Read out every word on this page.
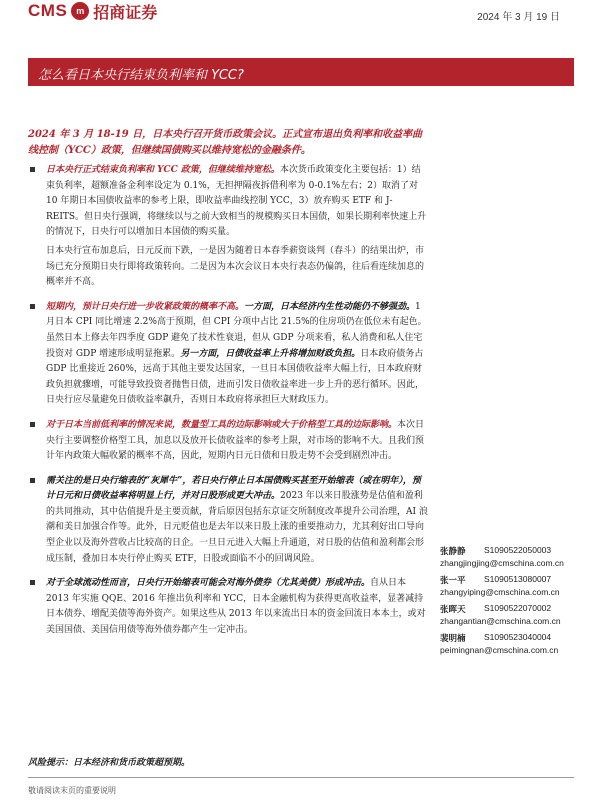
CMS m 招商证券	2024 年 3 月 19 日
怎么看日本央行结束负利率和 YCC?
2024 年 3 月 18-19 日，日本央行召开货币政策会议。正式宣布退出负利率和收益率曲线控制（YCC）政策，但继续国债购买以维持宽松的金融条件。
日本央行正式结束负利率和 YCC 政策，但继续维持宽松。本次货币政策变化主要包括：1）结束负利率，超额准备金利率设定为 0.1%，无担押隔夜拆借利率为 0-0.1%左右；2）取消了对 10 年期日本国债收益率的参考上限，即收益率曲线控制 YCC，3）放弃购买 ETF 和 J-REITS。但日央行强调，将继续以与之前大致相当的规模购买日本国债，如果长期利率快速上升的情况下，日央行可以增加日本国债的购买量。
日本央行宣布加息后，日元反而下跌，一是因为随着日本春季薪资谈判（春斗）的结果出炉，市场已充分预期日央行即将政策转向。二是因为本次会议日本央行表态仍偏鸽，往后看连续加息的概率并不高。
短期内，预计日央行进一步收紧政策的概率不高。一方面，日本经济内生性动能仍不够强劲。1 月日本 CPI 同比增速 2.2%高于预期，但 CPI 分项中占比 21.5%的住房项仍在低位未有起色。虽然日本上修去年四季度 GDP 避免了技术性衰退，但从 GDP 分项来看，私人消费和私人住宅投资对 GDP 增速形成明显拖累。另一方面，日债收益率上升将增加财政负担。日本政府债务占 GDP 比重接近 260%，远高于其他主要发达国家，一旦日本国债收益率大幅上行，日本政府财政负担就骤增，可能导致投资者抛售日债，进而引发日债收益率进一步上升的恶行循环。因此，日央行应尽量避免日债收益率飙升，否则日本政府将承担巨大财政压力。
对于日本当前低利率的情况来说，数量型工具的边际影响或大于价格型工具的边际影响。本次日央行主要调整价格型工具，加息以及放开长债收益率的参考上限，对市场的影响不大。且我们预计年内政策大幅收紧的概率不高，因此，短期内日元日债和日股走势不会受到剧烈冲击。
需关注的是日央行缩表的“灰犀牛”，若日央行停止日本国债购买甚至开始缩表（或在明年），预计日元和日债收益率将明显上行，并对日股形成更大冲击。2023 年以来日股涨势是估值和盈利的共同推动，其中估值提升是主要贡献，背后原因包括东京证交所制度改革提升公司治理，AI 浪潮和美日加强合作等。此外，日元贬值也是去年以来日股上涨的重要推动力，尤其利好出口导向型企业以及海外营收占比较高的日企。一旦日元进入大幅上升通道，对日股的估值和盈利都会形成压制，叠加日本央行停止购买 ETF，日股或面临不小的回调风险。
对于全球流动性而言，日央行开始缩表可能会对海外债券（尤其美债）形成冲击。自从日本 2013 年实施 QQE、2016 年推出负利率和 YCC，日本金融机构为获得更高收益率，显著减持日本债券、增配美债等海外资产。如果这些从 2013 年以来流出日本的资金回流日本本土，或对美国国债、美国信用债等海外债券都产生一定冲击。
张静静	S1090522050003
zhangjingjing@cmschina.com.cn
张一平	S1090513080007
zhangyiping@cmschina.com.cn
张晖天	S1090522070002
zhangantian@cmschina.com.cn
裴明楠	S1090523040004
peimingnan@cmschina.com.cn
风险提示：日本经济和货币政策超预期。
敬请阅读末页的重要说明
